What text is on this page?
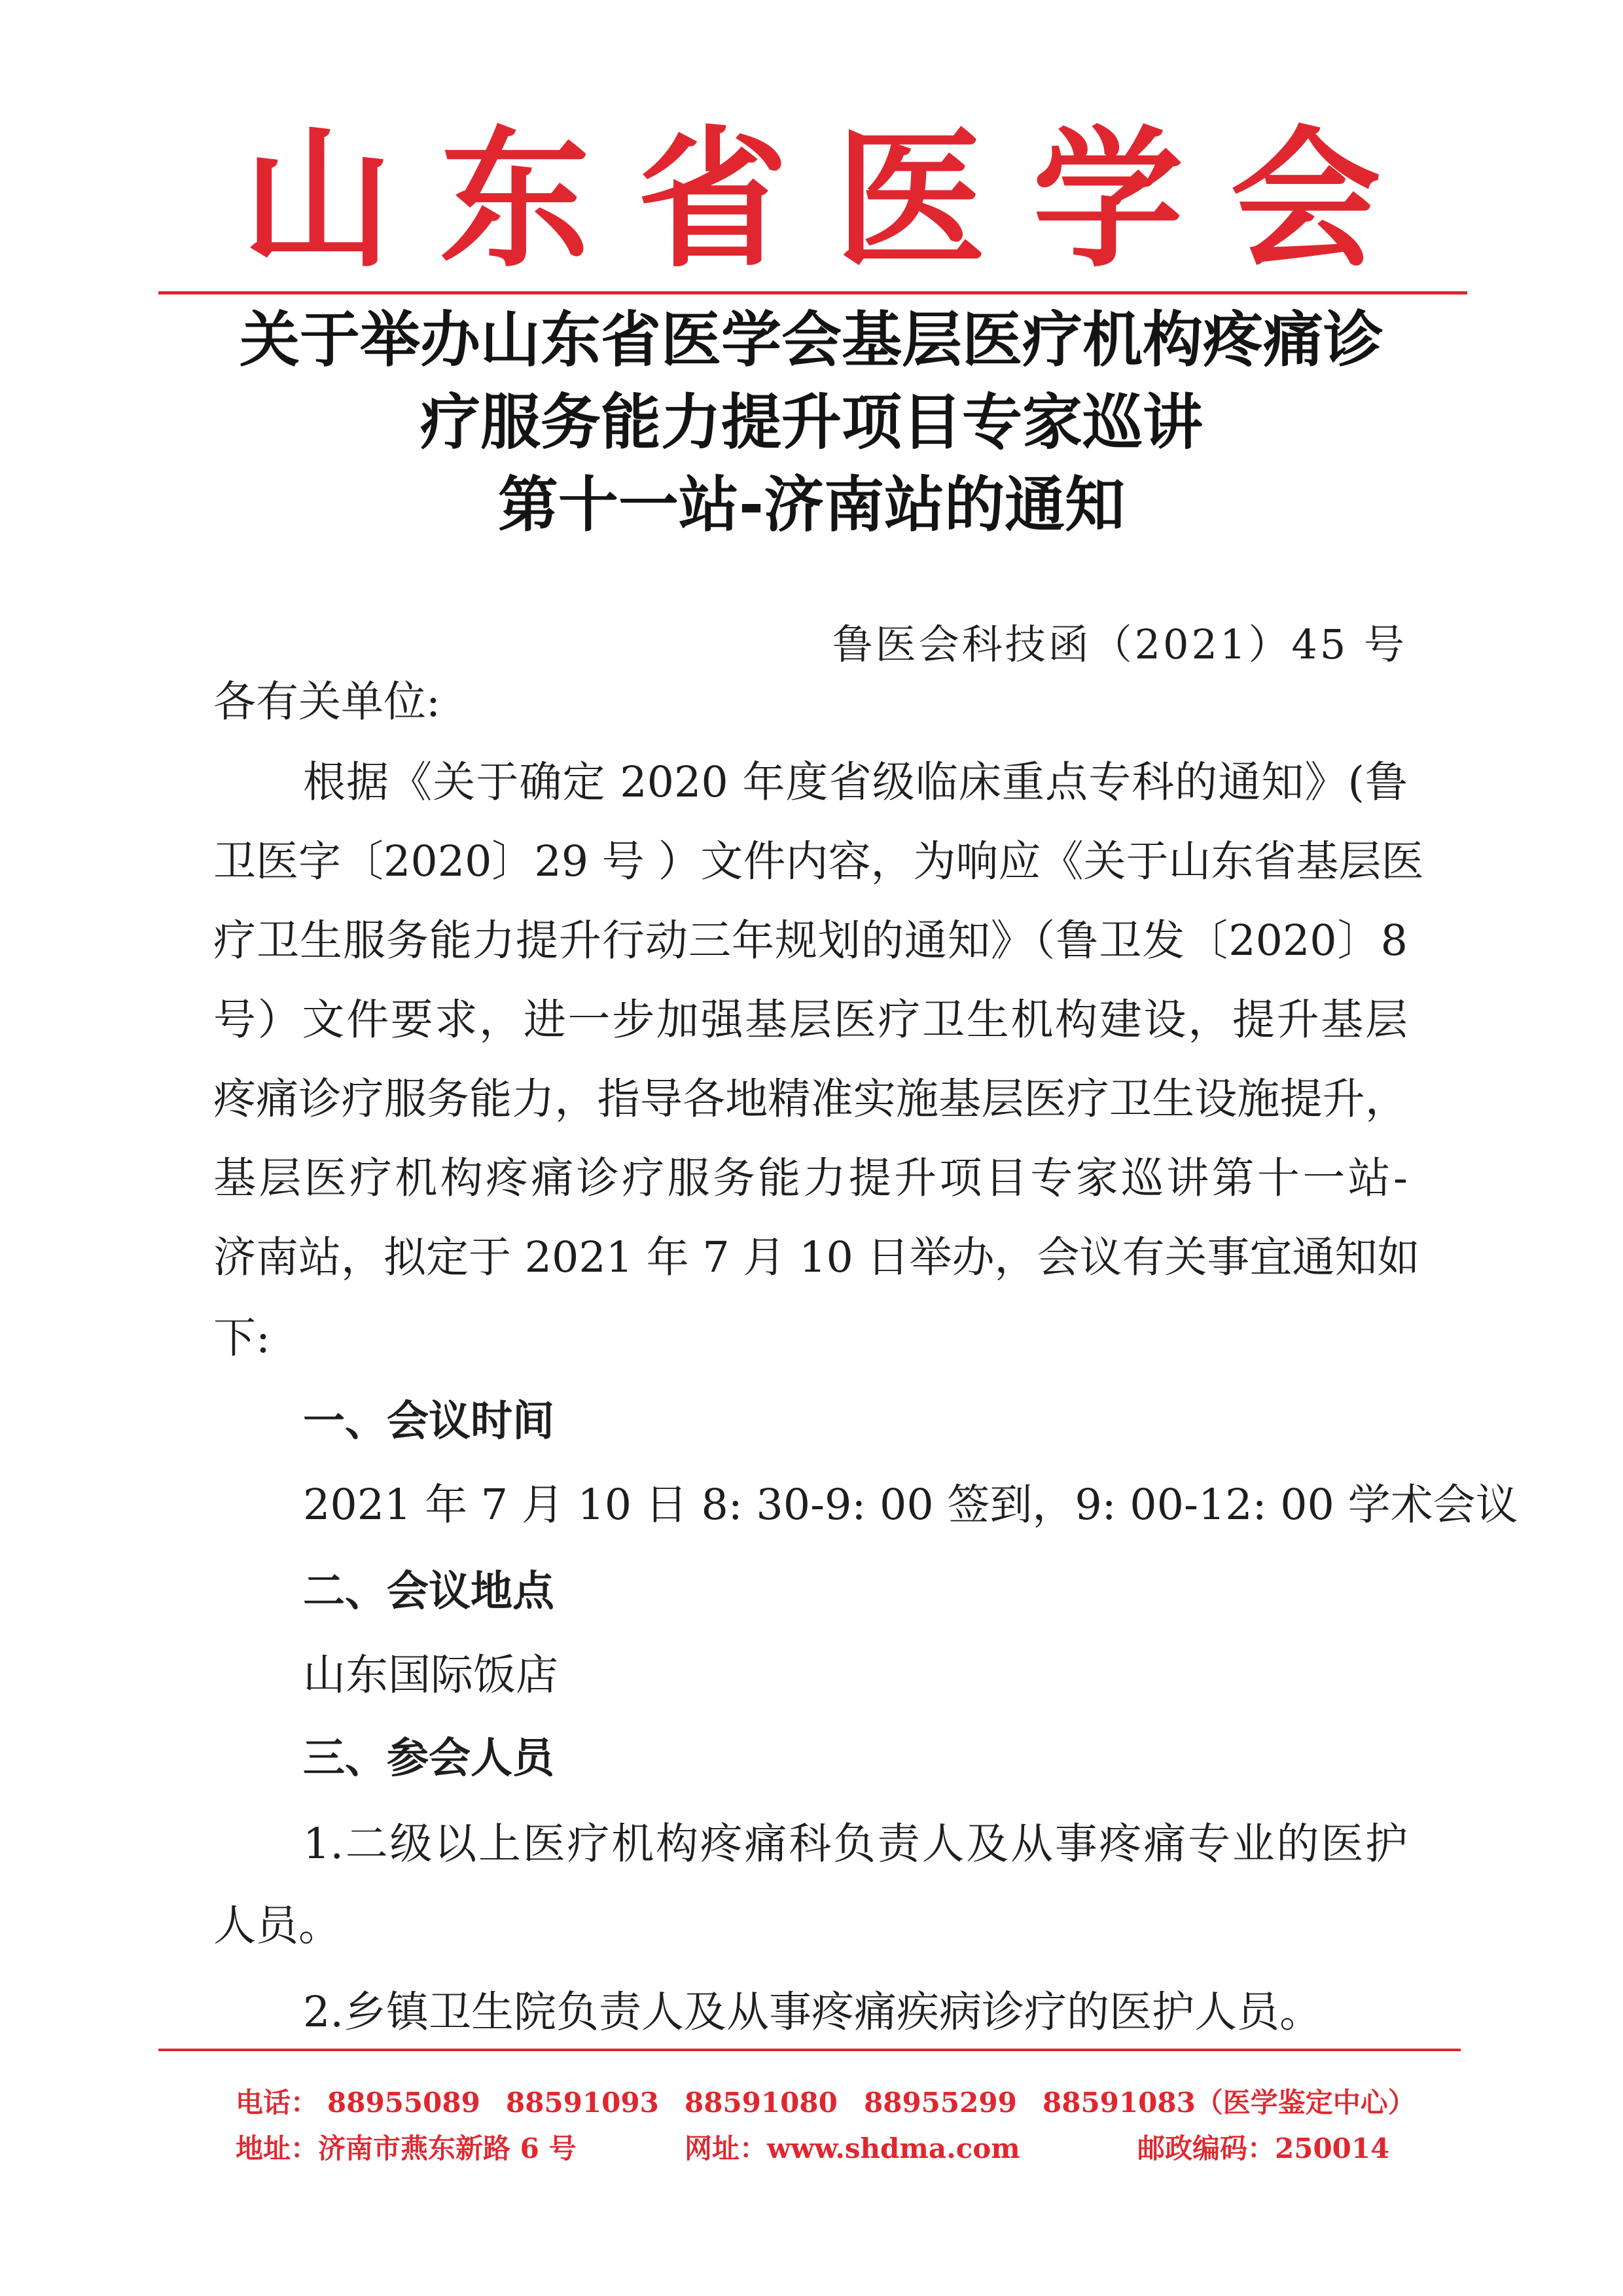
山东省医学会
关于举办山东省医学会基层医疗机构疼痛诊
疗服务能力提升项目专家巡讲
第十一站-济南站的通知
鲁医会科技函（2021）45 号
各有关单位:
根据《关于确定 2020 年度省级临床重点专科的通知》(鲁
卫医字〔2020〕29 号 ）文件内容，为响应《关于山东省基层医
疗卫生服务能力提升行动三年规划的通知》（鲁卫发〔2020〕8
号）文件要求，进一步加强基层医疗卫生机构建设，提升基层
疼痛诊疗服务能力，指导各地精准实施基层医疗卫生设施提升，
基层医疗机构疼痛诊疗服务能力提升项目专家巡讲第十一站-
济南站，拟定于 2021 年 7 月 10 日举办，会议有关事宜通知如
下:
一、会议时间
2021 年 7 月 10 日 8: 30-9: 00 签到，9: 00-12: 00 学术会议
二、会议地点
山东国际饭店
三、参会人员
1.二级以上医疗机构疼痛科负责人及从事疼痛专业的医护
人员。
2.乡镇卫生院负责人及从事疼痛疾病诊疗的医护人员。
电话： 88955089 88591093 88591080 88955299 88591083（医学鉴定中心）
地址：济南市燕东新路 6 号	网址：www.shdma.com	邮政编码：250014
